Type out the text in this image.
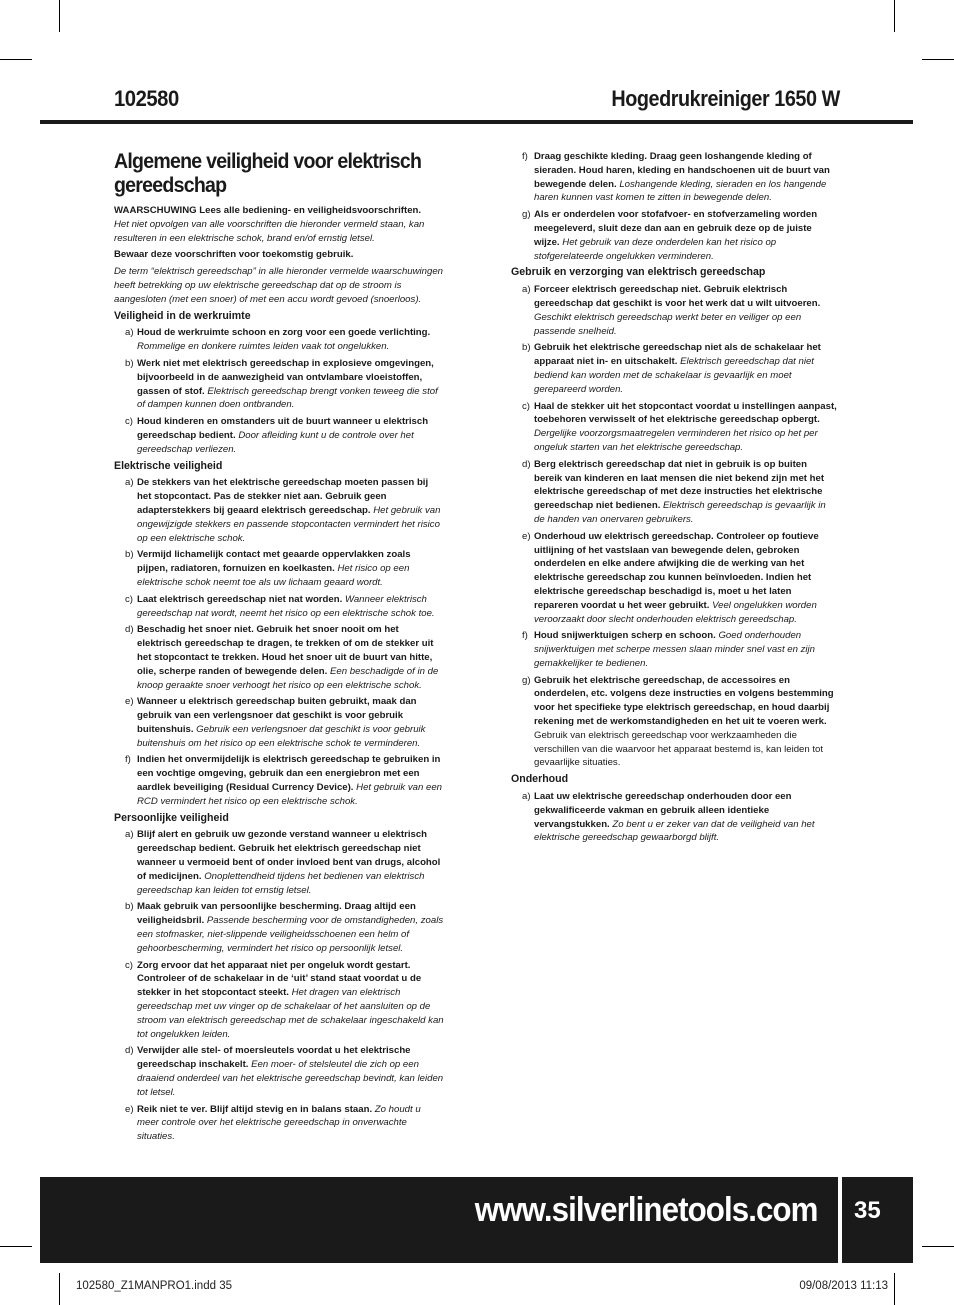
102580	Hogedrukreiniger 1650 W
Algemene veiligheid voor elektrisch gereedschap
WAARSCHUWING Lees alle bediening- en veiligheidsvoorschriften.
Het niet opvolgen van alle voorschriften die hieronder vermeld staan, kan resulteren in een elektrische schok, brand en/of ernstig letsel.
Bewaar deze voorschriften voor toekomstig gebruik.
De term “elektrisch gereedschap” in alle hieronder vermelde waarschuwingen heeft betrekking op uw elektrische gereedschap dat op de stroom is aangesloten (met een snoer) of met een accu wordt gevoed (snoerloos).
Veiligheid in de werkruimte
a) Houd de werkruimte schoon en zorg voor een goede verlichting. Rommelige en donkere ruimtes leiden vaak tot ongelukken.
b) Werk niet met elektrisch gereedschap in explosieve omgevingen, bijvoorbeeld in de aanwezigheid van ontvlambare vloeistoffen, gassen of stof. Elektrisch gereedschap brengt vonken teweeg die stof of dampen kunnen doen ontbranden.
c) Houd kinderen en omstanders uit de buurt wanneer u elektrisch gereedschap bedient. Door afleiding kunt u de controle over het gereedschap verliezen.
Elektrische veiligheid
a) De stekkers van het elektrische gereedschap moeten passen bij het stopcontact. Pas de stekker niet aan. Gebruik geen adapterstekkers bij geaard elektrisch gereedschap. Het gebruik van ongewijzigde stekkers en passende stopcontacten vermindert het risico op een elektrische schok.
b) Vermijd lichamelijk contact met geaarde oppervlakken zoals pijpen, radiatoren, fornuizen en koelkasten. Het risico op een elektrische schok neemt toe als uw lichaam geaard wordt.
c) Laat elektrisch gereedschap niet nat worden. Wanneer elektrisch gereedschap nat wordt, neemt het risico op een elektrische schok toe.
d) Beschadig het snoer niet. Gebruik het snoer nooit om het elektrisch gereedschap te dragen, te trekken of om de stekker uit het stopcontact te trekken. Houd het snoer uit de buurt van hitte, olie, scherpe randen of bewegende delen. Een beschadigde of in de knoop geraakte snoer verhoogt het risico op een elektrische schok.
e) Wanneer u elektrisch gereedschap buiten gebruikt, maak dan gebruik van een verlengsnoer dat geschikt is voor gebruik buitenshuis. Gebruik een verlengsnoer dat geschikt is voor gebruik buitenshuis om het risico op een elektrische schok te verminderen.
f) Indien het onvermijdelijk is elektrisch gereedschap te gebruiken in een vochtige omgeving, gebruik dan een energiebron met een aardlek beveiliging (Residual Currency Device). Het gebruik van een RCD vermindert het risico op een elektrische schok.
Persoonlijke veiligheid
a) Blijf alert en gebruik uw gezonde verstand wanneer u elektrisch gereedschap bedient. Gebruik het elektrisch gereedschap niet wanneer u vermoeid bent of onder invloed bent van drugs, alcohol of medicijnen. Onoplettendheid tijdens het bedienen van elektrisch gereedschap kan leiden tot ernstig letsel.
b) Maak gebruik van persoonlijke bescherming. Draag altijd een veiligheidsbril. Passende bescherming voor de omstandigheden, zoals een stofmasker, niet-slippende veiligheidsschoenen een helm of gehoorbescherming, vermindert het risico op persoonlijk letsel.
c) Zorg ervoor dat het apparaat niet per ongeluk wordt gestart. Controleer of de schakelaar in de ‘uit’ stand staat voordat u de stekker in het stopcontact steekt. Het dragen van elektrisch gereedschap met uw vinger op de schakelaar of het aansluiten op de stroom van elektrisch gereedschap met de schakelaar ingeschakeld kan tot ongelukken leiden.
d) Verwijder alle stel- of moersleutels voordat u het elektrische gereedschap inschakelt. Een moer- of stelsleutel die zich op een draaiend onderdeel van het elektrische gereedschap bevindt, kan leiden tot letsel.
e) Reik niet te ver. Blijf altijd stevig en in balans staan. Zo houdt u meer controle over het elektrische gereedschap in onverwachte situaties.
f) Draag geschikte kleding. Draag geen loshangende kleding of sieraden. Houd haren, kleding en handschoenen uit de buurt van bewegende delen. Loshangende kleding, sieraden en los hangende haren kunnen vast komen te zitten in bewegende delen.
g) Als er onderdelen voor stofafvoer- en stofverzameling worden meegeleverd, sluit deze dan aan en gebruik deze op de juiste wijze. Het gebruik van deze onderdelen kan het risico op stofgerelateerde ongelukken verminderen.
Gebruik en verzorging van elektrisch gereedschap
a) Forceer elektrisch gereedschap niet. Gebruik elektrisch gereedschap dat geschikt is voor het werk dat u wilt uitvoeren. Geschikt elektrisch gereedschap werkt beter en veiliger op een passende snelheid.
b) Gebruik het elektrische gereedschap niet als de schakelaar het apparaat niet in- en uitschakelt. Elektrisch gereedschap dat niet bediend kan worden met de schakelaar is gevaarlijk en moet gerepareerd worden.
c) Haal de stekker uit het stopcontact voordat u instellingen aanpast, toebehoren verwisselt of het elektrische gereedschap opbergt. Dergelijke voorzorgsmaatregelen verminderen het risico op het per ongeluk starten van het elektrische gereedschap.
d) Berg elektrisch gereedschap dat niet in gebruik is op buiten bereik van kinderen en laat mensen die niet bekend zijn met het elektrische gereedschap of met deze instructies het elektrische gereedschap niet bedienen. Elektrisch gereedschap is gevaarlijk in de handen van onervaren gebruikers.
e) Onderhoud uw elektrisch gereedschap. Controleer op foutieve uitlijning of het vastslaan van bewegende delen, gebroken onderdelen en elke andere afwijking die de werking van het elektrische gereedschap zou kunnen beïnvloeden. Indien het elektrische gereedschap beschadigd is, moet u het laten repareren voordat u het weer gebruikt. Veel ongelukken worden veroorzaakt door slecht onderhouden elektrisch gereedschap.
f) Houd snijwerktuigen scherp en schoon. Goed onderhouden snijwerktuigen met scherpe messen slaan minder snel vast en zijn gemakkelijker te bedienen.
g) Gebruik het elektrische gereedschap, de accessoires en onderdelen, etc. volgens deze instructies en volgens bestemming voor het specifieke type elektrisch gereedschap, en houd daarbij rekening met de werkomstandigheden en het uit te voeren werk. Gebruik van elektrisch gereedschap voor werkzaamheden die verschillen van die waarvoor het apparaat bestemd is, kan leiden tot gevaarlijke situaties.
Onderhoud
a) Laat uw elektrische gereedschap onderhouden door een gekwalificeerde vakman en gebruik alleen identieke vervangstukken. Zo bent u er zeker van dat de veiligheid van het elektrische gereedschap gewaarborgd blijft.
www.silverlinetools.com 35
102580_Z1MANPRO1.indd 35	09/08/2013 11:13
